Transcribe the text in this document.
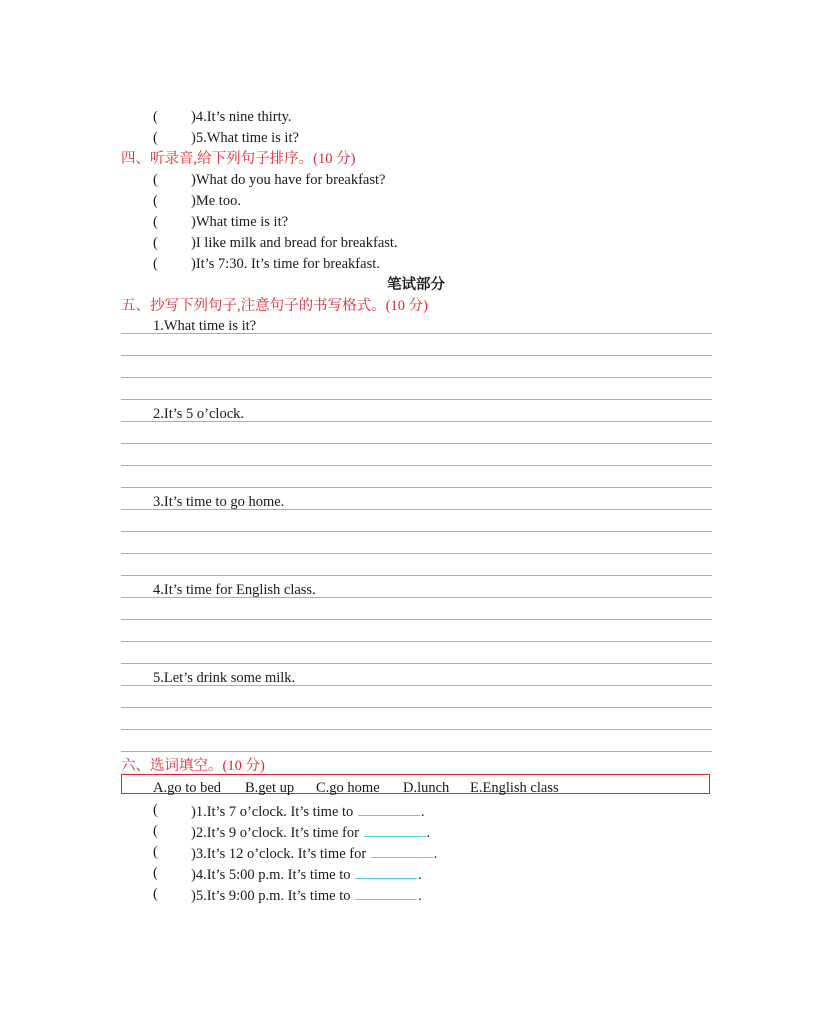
( )4.It’s nine thirty.
( )5.What time is it?
四、听录音,给下列句子排序。(10 分)
( )What do you have for breakfast?
( )Me too.
( )What time is it?
( )I like milk and bread for breakfast.
( )It’s 7:30. It’s time for breakfast.
笔试部分
五、抄写下列句子,注意句子的书写格式。(10 分)
1.What time is it?
2.It’s 5 o’clock.
3.It’s time to go home.
4.It’s time for English class.
5.Let’s drink some milk.
六、选词填空。(10 分)
A.go to bed B.get up C.go home D.lunch E.English class
( )1.It’s 7 o’clock. It’s time to	.
( )2.It’s 9 o’clock. It’s time for	.
( )3.It’s 12 o’clock. It’s time for	.
( )4.It’s 5:00 p.m. It’s time to	.
( )5.It’s 9:00 p.m. It’s time to	.
